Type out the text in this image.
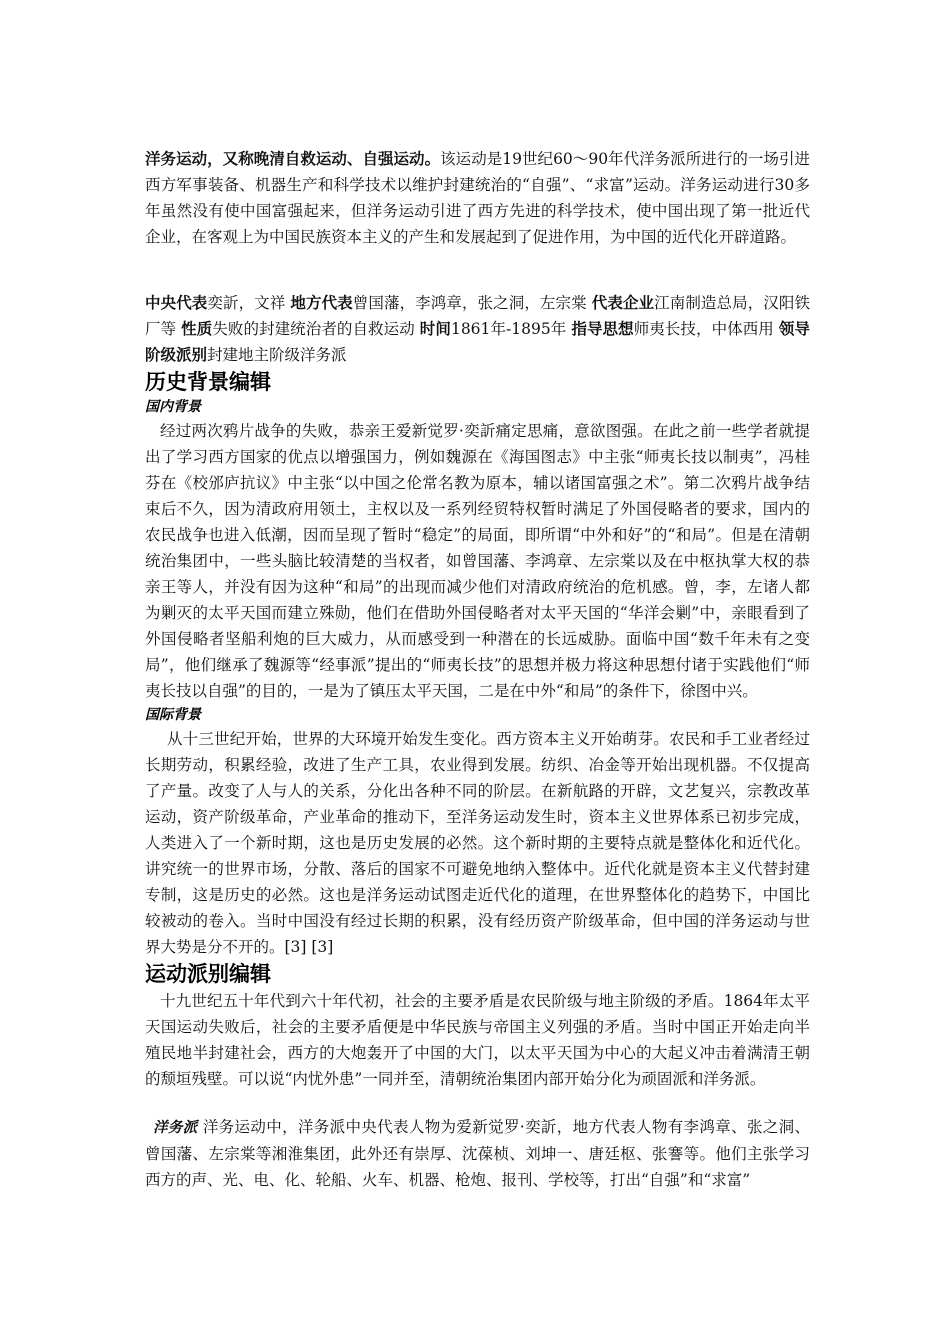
洋务运动，又称晚清自救运动、自强运动。该运动是19世纪60～90年代洋务派所进行的一场引进西方军事装备、机器生产和科学技术以维护封建统治的“自强”、“求富”运动。洋务运动进行30多年虽然没有使中国富强起来，但洋务运动引进了西方先进的科学技术，使中国出现了第一批近代企业，在客观上为中国民族资本主义的产生和发展起到了促进作用，为中国的近代化开辟道路。

中央代表奕訢，文祥 地方代表曾国藩，李鸿章，张之洞，左宗棠 代表企业江南制造总局，汉阳铁厂等 性质失败的封建统治者的自救运动 时间1861年-1895年 指导思想师夷长技，中体西用 领导阶级派别封建地主阶级洋务派

历史背景编辑
国内背景

经过两次鸦片战争的失败，恭亲王爱新觉罗·奕訢痛定思痛，意欲图强。在此之前一些学者就提出了学习西方国家的优点以增强国力，例如魏源在《海国图志》中主张“师夷长技以制夷”，冯桂芬在《校邠庐抗议》中主张“以中国之伦常名教为原本，辅以诸国富强之术”。第二次鸦片战争结束后不久，因为清政府用领土，主权以及一系列经贸特权暂时满足了外国侵略者的要求，国内的农民战争也进入低潮，因而呈现了暂时“稳定”的局面，即所谓“中外和好”的“和局”。但是在清朝统治集团中，一些头脑比较清楚的当权者，如曾国藩、李鸿章、左宗棠以及在中枢执掌大权的恭亲王等人，并没有因为这种“和局”的出现而减少他们对清政府统治的危机感。曾，李，左诸人都为剿灭的太平天国而建立殊勋，他们在借助外国侵略者对太平天国的“华洋会剿”中，亲眼看到了外国侵略者坚船利炮的巨大威力，从而感受到一种潜在的长远威胁。面临中国“数千年未有之变局”，他们继承了魏源等“经事派”提出的“师夷长技”的思想并极力将这种思想付诸于实践他们“师夷长技以自强”的目的，一是为了镇压太平天国，二是在中外“和局”的条件下，徐图中兴。

国际背景

从十三世纪开始，世界的大环境开始发生变化。西方资本主义开始萌芽。农民和手工业者经过长期劳动，积累经验，改进了生产工具，农业得到发展。纺织、冶金等开始出现机器。不仅提高了产量。改变了人与人的关系，分化出各种不同的阶层。在新航路的开辟，文艺复兴，宗教改革运动，资产阶级革命，产业革命的推动下，至洋务运动发生时，资本主义世界体系已初步完成，人类进入了一个新时期，这也是历史发展的必然。这个新时期的主要特点就是整体化和近代化。讲究统一的世界市场，分散、落后的国家不可避免地纳入整体中。近代化就是资本主义代替封建专制，这是历史的必然。这也是洋务运动试图走近代化的道理，在世界整体化的趋势下，中国比较被动的卷入。当时中国没有经过长期的积累，没有经历资产阶级革命，但中国的洋务运动与世界大势是分不开的。[3] [3]

运动派别编辑

十九世纪五十年代到六十年代初，社会的主要矛盾是农民阶级与地主阶级的矛盾。1864年太平天国运动失败后，社会的主要矛盾便是中华民族与帝国主义列强的矛盾。当时中国正开始走向半殖民地半封建社会，西方的大炮轰开了中国的大门，以太平天国为中心的大起义冲击着满清王朝的颓垣残壁。可以说“内忧外患”一同并至，清朝统治集团内部开始分化为顽固派和洋务派。

洋务派 洋务运动中，洋务派中央代表人物为爱新觉罗·奕訢，地方代表人物有李鸿章、张之洞、曾国藩、左宗棠等湘淮集团，此外还有崇厚、沈葆桢、刘坤一、唐廷枢、张謇等。他们主张学习西方的声、光、电、化、轮船、火车、机器、枪炮、报刊、学校等，打出“自强”和“求富”
